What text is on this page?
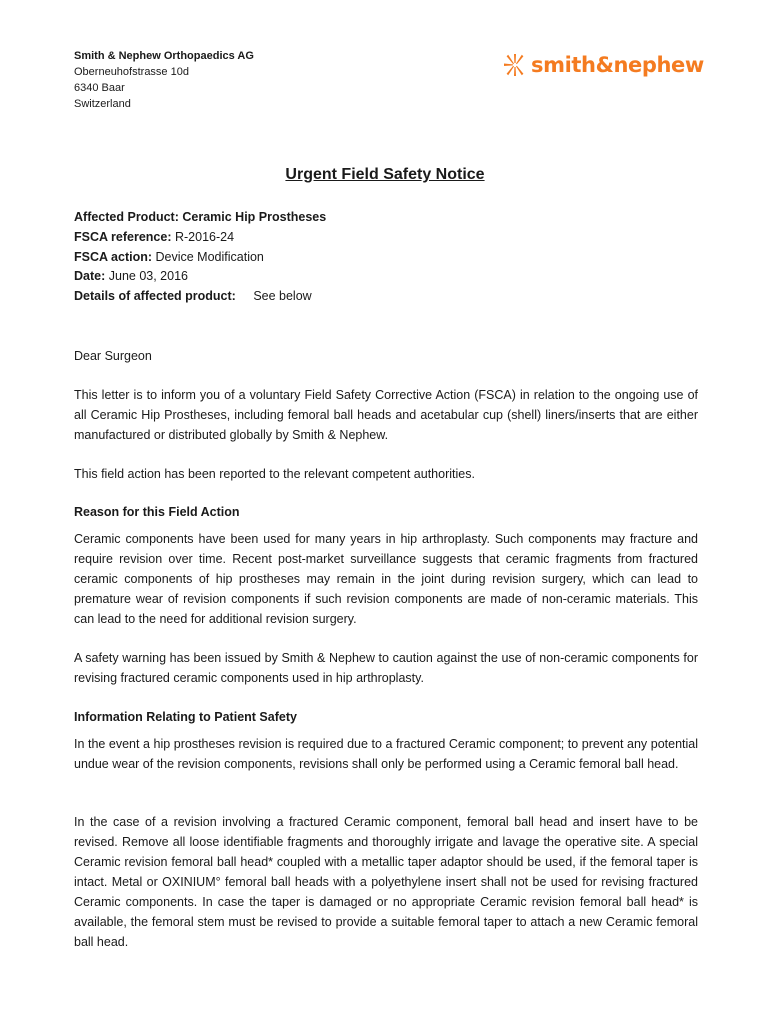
Smith & Nephew Orthopaedics AG
Oberneuhofstrasse 10d
6340 Baar
Switzerland
smith&nephew
Urgent Field Safety Notice
Affected Product: Ceramic Hip Prostheses
FSCA reference: R-2016-24
FSCA action: Device Modification
Date: June 03, 2016
Details of affected product: See below
Dear Surgeon
This letter is to inform you of a voluntary Field Safety Corrective Action (FSCA) in relation to the ongoing use of all Ceramic Hip Prostheses, including femoral ball heads and acetabular cup (shell) liners/inserts that are either manufactured or distributed globally by Smith & Nephew.
This field action has been reported to the relevant competent authorities.
Reason for this Field Action
Ceramic components have been used for many years in hip arthroplasty. Such components may fracture and require revision over time. Recent post-market surveillance suggests that ceramic fragments from fractured ceramic components of hip prostheses may remain in the joint during revision surgery, which can lead to premature wear of revision components if such revision components are made of non-ceramic materials. This can lead to the need for additional revision surgery.
A safety warning has been issued by Smith & Nephew to caution against the use of non-ceramic components for revising fractured ceramic components used in hip arthroplasty.
Information Relating to Patient Safety
In the event a hip prostheses revision is required due to a fractured Ceramic component; to prevent any potential undue wear of the revision components, revisions shall only be performed using a Ceramic femoral ball head.
In the case of a revision involving a fractured Ceramic component, femoral ball head and insert have to be revised. Remove all loose identifiable fragments and thoroughly irrigate and lavage the operative site. A special Ceramic revision femoral ball head* coupled with a metallic taper adaptor should be used, if the femoral taper is intact. Metal or OXINIUM° femoral ball heads with a polyethylene insert shall not be used for revising fractured Ceramic components. In case the taper is damaged or no appropriate Ceramic revision femoral ball head* is available, the femoral stem must be revised to provide a suitable femoral taper to attach a new Ceramic femoral ball head.
